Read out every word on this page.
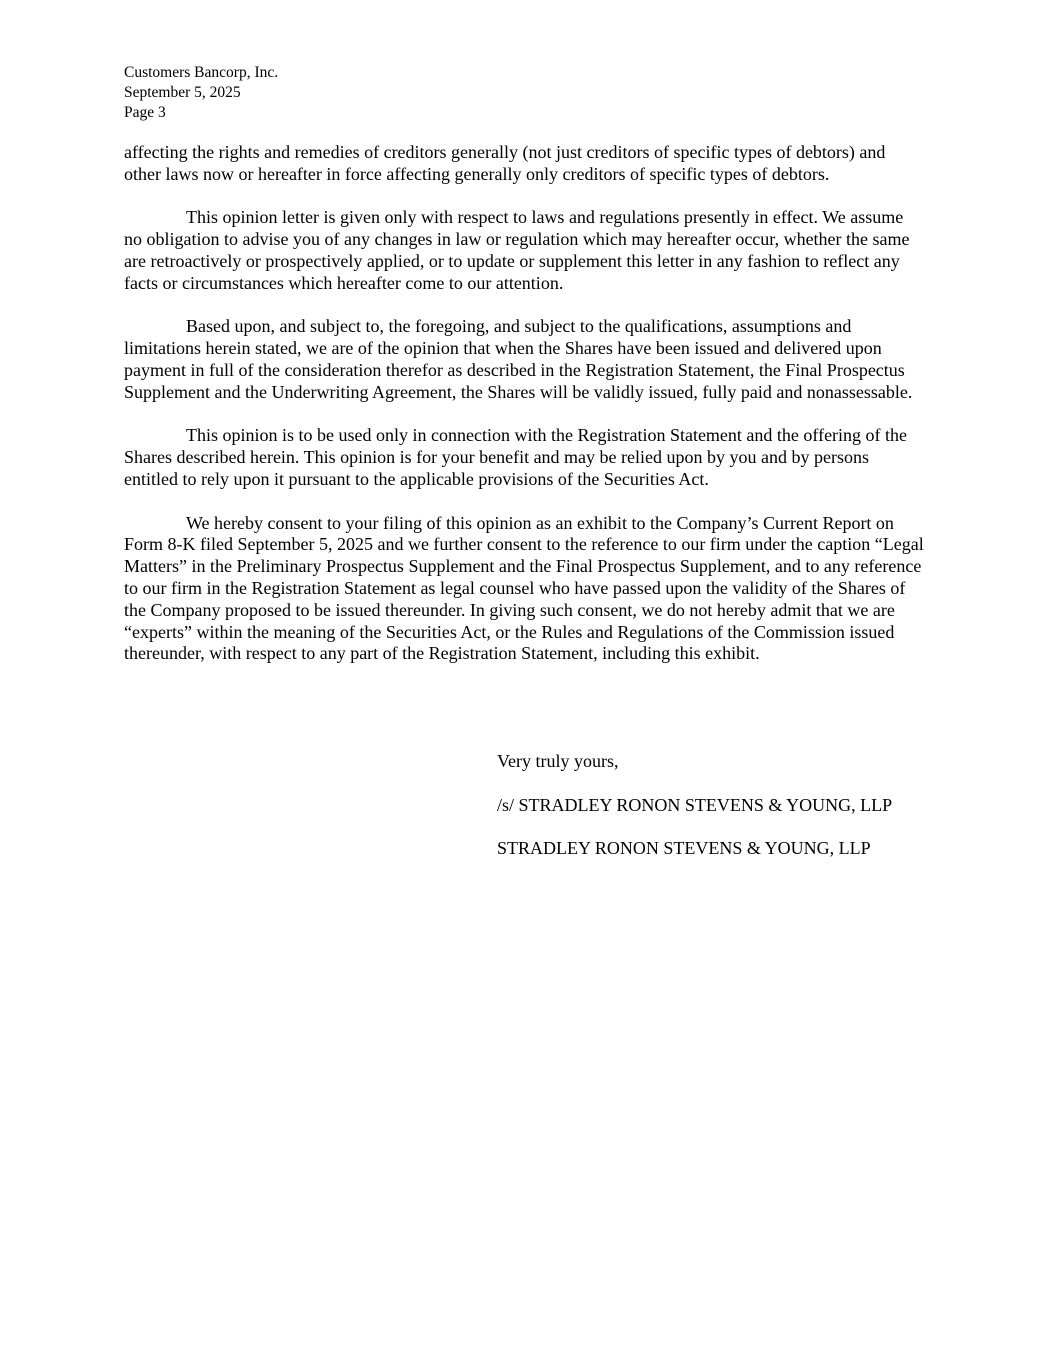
Customers Bancorp, Inc.
September 5, 2025
Page 3

affecting the rights and remedies of creditors generally (not just creditors of specific types of debtors) and other laws now or hereafter in force affecting generally only creditors of specific types of debtors.

This opinion letter is given only with respect to laws and regulations presently in effect. We assume no obligation to advise you of any changes in law or regulation which may hereafter occur, whether the same are retroactively or prospectively applied, or to update or supplement this letter in any fashion to reflect any facts or circumstances which hereafter come to our attention.

Based upon, and subject to, the foregoing, and subject to the qualifications, assumptions and limitations herein stated, we are of the opinion that when the Shares have been issued and delivered upon payment in full of the consideration therefor as described in the Registration Statement, the Final Prospectus Supplement and the Underwriting Agreement, the Shares will be validly issued, fully paid and nonassessable.

This opinion is to be used only in connection with the Registration Statement and the offering of the Shares described herein. This opinion is for your benefit and may be relied upon by you and by persons entitled to rely upon it pursuant to the applicable provisions of the Securities Act.

We hereby consent to your filing of this opinion as an exhibit to the Company’s Current Report on Form 8-K filed September 5, 2025 and we further consent to the reference to our firm under the caption “Legal Matters” in the Preliminary Prospectus Supplement and the Final Prospectus Supplement, and to any reference to our firm in the Registration Statement as legal counsel who have passed upon the validity of the Shares of the Company proposed to be issued thereunder. In giving such consent, we do not hereby admit that we are “experts” within the meaning of the Securities Act, or the Rules and Regulations of the Commission issued thereunder, with respect to any part of the Registration Statement, including this exhibit.

Very truly yours,
/s/ STRADLEY RONON STEVENS & YOUNG, LLP
STRADLEY RONON STEVENS & YOUNG, LLP
